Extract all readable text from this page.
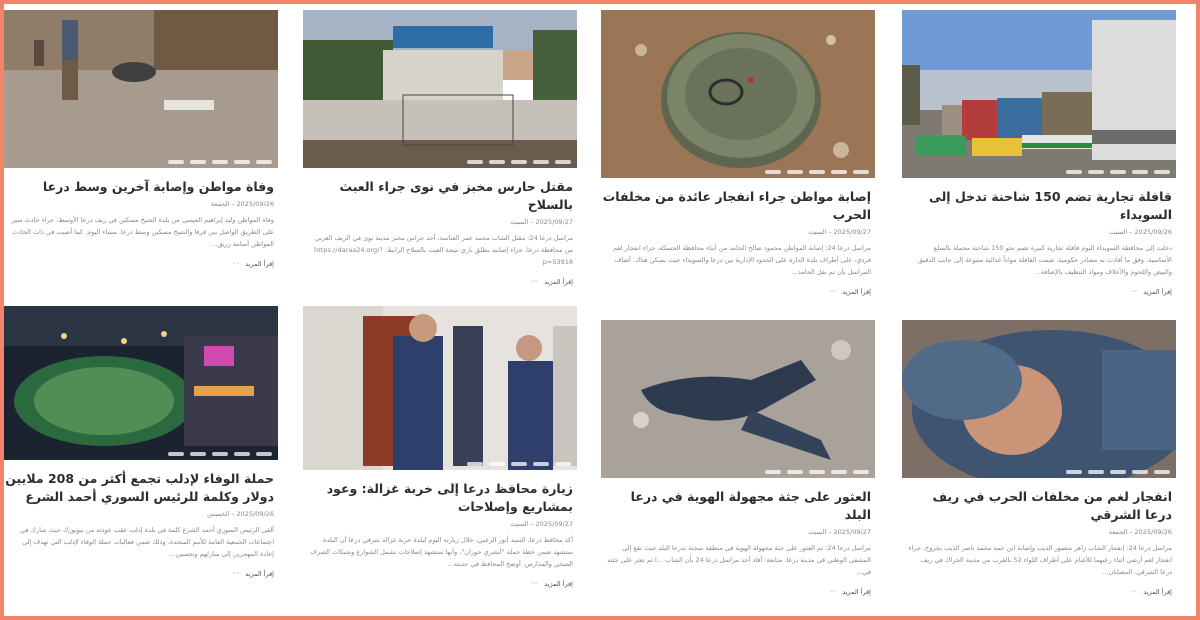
قافلة تجارية تضم 150 شاحنة تدخل إلى السويداء
2025/09/26 – السبت
دخلت إلى محافظة السويداء اليوم قافلة تجارية كبيرة تضم نحو 150 شاحنة محملة بالسلع الأساسية، وفق ما أفادت به مصادر حكومية. ضمت القافلة مواداً غذائية متنوعة إلى جانب الدقيق والبيض واللحوم والأعلاف ومواد التنظيف بالإضافة...
إقرأ المزيد⁼⁼
إصابة مواطن جراء انفجار عائدة من مخلفات الحرب
2025/09/27 – السبت
مراسل درعا 24: إصابة المواطن محمود صالح الحامد من أبناء محافظة الحسكة، جراء انفجار لغم فردي، على أطراف بلدة الدارة على الحدود الإدارية بين درعا والسويداء حيث يسكن هناك. أضاف المراسل بأن تم نقل الحامد...
إقرأ المزيد⁼⁼
مقتل حارس مخبز في نوى جراء العبث بالسلاح
2025/09/27 – السبت
مراسل درعا 24: مقتل الشاب محمد عمر الغناسة، أحد حراس مخبز مدينة نوى في الريف الغربي من محافظة درعا، جراء إصابته بطلق ناري نتيجة العبث بالسلاح الرابط: https://daraa24.org/?p=53918
إقرأ المزيد⁼⁼
وفاة مواطن وإصابة آخرين وسط درعا
2025/09/26 – الجمعة
وفاة المواطن وليد إبراهيم العيسى من بلدة الشيخ مسكين في ريف درعا الأوسط، جراء حادث سير على الطريق الواصل بين قرفا والشيخ مسكين وسط درعا. مساء اليوم. كما أصيب في ذات الحادث المواطن أسامة زريق...
إقرأ المزيد⁼⁼
انفجار لغم من مخلفات الحرب في ريف درعا الشرقي
2025/09/26 – الجمعة
مراسل درعا 24: إنفجار الشاب زاهر منصور الذيب وإصابة ابن عمه محمد ناصر الذيب بجروح، جراء انفجار لغم أرضي أثناء رعيهما للأغنام على أطراف اللواء 52 بالقرب من مدينة الحراك في ريف درعا الشرقي. المصابان...
إقرأ المزيد⁼⁼
العثور على جثة مجهولة الهوية في درعا البلد
2025/09/27 – السبت
مراسل درعا 24: تم العثور على جثة مجهولة الهوية في منطقة سجنة بدرعا البلد حيث تقع إلى المشفى الوطني في مدينة درعا. متابعة: أفاد أحد مراسل درعا 24 بأن الشاب ...ا ثم تعثر على جثته في...
إقرأ المزيد⁼⁼
زيارة محافظ درعا إلى خربة غزالة: وعود بمشاريع وإصلاحات
2025/09/27 – السبت
أكد محافظ درعا، السيد أنور الزعبي، خلال زيارته اليوم لبلدة خربة غزالة شرقي درعا أن البلدة ستشهد ضمن خطة حملة "أبشري حوران"، وأنها ستشهد إصلاحات تشمل الشوارع وشبكات الصرف الصحي والمدارس. أوضح المحافظ في حديثه...
إقرأ المزيد⁼⁼
حملة الوفاء لإدلب تجمع أكثر من 208 ملايين دولار وكلمة للرئيس السوري أحمد الشرع
2025/09/26 – الخميس
ألقى الرئيس السوري أحمد الشرع كلمة في بلدة إدلب عقب عودته من نيويورك حيث شارك في اجتماعات الجمعية العامة للأمم المتحدة، وذلك ضمن فعاليات حملة الوفاء لإدلب التي تهدف إلى إعادة المهجرين إلى منازلهم وتحسين...
إقرأ المزيد⁼⁼
